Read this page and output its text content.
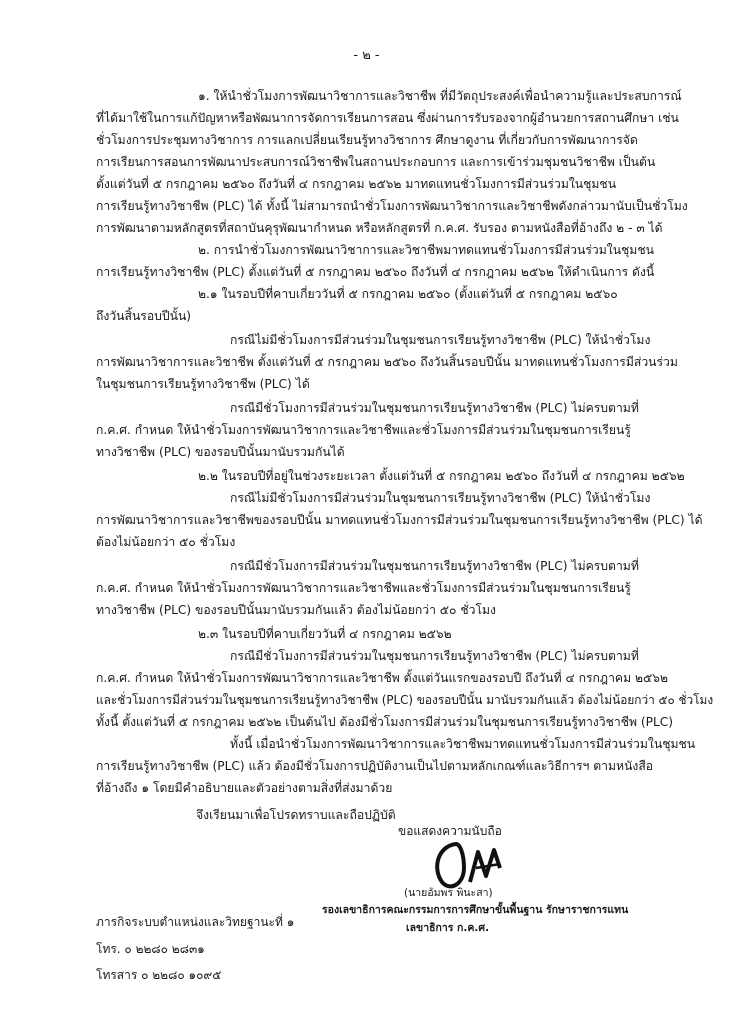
- ๒ -
๑. ให้นำชั่วโมงการพัฒนาวิชาการและวิชาชีพ ที่มีวัตถุประสงค์เพื่อนำความรู้และประสบการณ์
ที่ได้มาใช้ในการแก้ปัญหาหรือพัฒนาการจัดการเรียนการสอน ซึ่งผ่านการรับรองจากผู้อำนวยการสถานศึกษา เช่น
ชั่วโมงการประชุมทางวิชาการ การแลกเปลี่ยนเรียนรู้ทางวิชาการ ศึกษาดูงาน ที่เกี่ยวกับการพัฒนาการจัด
การเรียนการสอนการพัฒนาประสบการณ์วิชาชีพในสถานประกอบการ และการเข้าร่วมชุมชนวิชาชีพ เป็นต้น
ตั้งแต่วันที่ ๕ กรกฎาคม ๒๕๖๐ ถึงวันที่ ๔ กรกฎาคม ๒๕๖๒ มาทดแทนชั่วโมงการมีส่วนร่วมในชุมชน
การเรียนรู้ทางวิชาชีพ (PLC) ได้ ทั้งนี้ ไม่สามารถนำชั่วโมงการพัฒนาวิชาการและวิชาชีพดังกล่าวมานับเป็นชั่วโมง
การพัฒนาตามหลักสูตรที่สถาบันคุรุพัฒนากำหนด หรือหลักสูตรที่ ก.ค.ศ. รับรอง ตามหนังสือที่อ้างถึง ๒ - ๓ ได้
๒. การนำชั่วโมงการพัฒนาวิชาการและวิชาชีพมาทดแทนชั่วโมงการมีส่วนร่วมในชุมชน
การเรียนรู้ทางวิชาชีพ (PLC) ตั้งแต่วันที่ ๕ กรกฎาคม ๒๕๖๐ ถึงวันที่ ๔ กรกฎาคม ๒๕๖๒ ให้ดำเนินการ ดังนี้
๒.๑ ในรอบปีที่คาบเกี่ยววันที่ ๕ กรกฎาคม ๒๕๖๐ (ตั้งแต่วันที่ ๕ กรกฎาคม ๒๕๖๐
ถึงวันสิ้นรอบปีนั้น)
กรณีไม่มีชั่วโมงการมีส่วนร่วมในชุมชนการเรียนรู้ทางวิชาชีพ (PLC) ให้นำชั่วโมง
การพัฒนาวิชาการและวิชาชีพ ตั้งแต่วันที่ ๕ กรกฎาคม ๒๕๖๐ ถึงวันสิ้นรอบปีนั้น มาทดแทนชั่วโมงการมีส่วนร่วม
ในชุมชนการเรียนรู้ทางวิชาชีพ (PLC) ได้
กรณีมีชั่วโมงการมีส่วนร่วมในชุมชนการเรียนรู้ทางวิชาชีพ (PLC) ไม่ครบตามที่
ก.ค.ศ. กำหนด ให้นำชั่วโมงการพัฒนาวิชาการและวิชาชีพและชั่วโมงการมีส่วนร่วมในชุมชนการเรียนรู้
ทางวิชาชีพ (PLC) ของรอบปีนั้นมานับรวมกันได้
๒.๒ ในรอบปีที่อยู่ในช่วงระยะเวลา ตั้งแต่วันที่ ๕ กรกฎาคม ๒๕๖๐ ถึงวันที่ ๔ กรกฎาคม ๒๕๖๒
กรณีไม่มีชั่วโมงการมีส่วนร่วมในชุมชนการเรียนรู้ทางวิชาชีพ (PLC) ให้นำชั่วโมง
การพัฒนาวิชาการและวิชาชีพของรอบปีนั้น มาทดแทนชั่วโมงการมีส่วนร่วมในชุมชนการเรียนรู้ทางวิชาชีพ (PLC) ได้
ต้องไม่น้อยกว่า ๕๐ ชั่วโมง
กรณีมีชั่วโมงการมีส่วนร่วมในชุมชนการเรียนรู้ทางวิชาชีพ (PLC) ไม่ครบตามที่
ก.ค.ศ. กำหนด ให้นำชั่วโมงการพัฒนาวิชาการและวิชาชีพและชั่วโมงการมีส่วนร่วมในชุมชนการเรียนรู้
ทางวิชาชีพ (PLC) ของรอบปีนั้นมานับรวมกันแล้ว ต้องไม่น้อยกว่า ๕๐ ชั่วโมง
๒.๓ ในรอบปีที่คาบเกี่ยววันที่ ๔ กรกฎาคม ๒๕๖๒
กรณีมีชั่วโมงการมีส่วนร่วมในชุมชนการเรียนรู้ทางวิชาชีพ (PLC) ไม่ครบตามที่
ก.ค.ศ. กำหนด ให้นำชั่วโมงการพัฒนาวิชาการและวิชาชีพ ตั้งแต่วันแรกของรอบปี ถึงวันที่ ๔ กรกฎาคม ๒๕๖๒
และชั่วโมงการมีส่วนร่วมในชุมชนการเรียนรู้ทางวิชาชีพ (PLC) ของรอบปีนั้น มานับรวมกันแล้ว ต้องไม่น้อยกว่า ๕๐ ชั่วโมง
ทั้งนี้ ตั้งแต่วันที่ ๕ กรกฎาคม ๒๕๖๒ เป็นต้นไป ต้องมีชั่วโมงการมีส่วนร่วมในชุมชนการเรียนรู้ทางวิชาชีพ (PLC)
ทั้งนี้ เมื่อนำชั่วโมงการพัฒนาวิชาการและวิชาชีพมาทดแทนชั่วโมงการมีส่วนร่วมในชุมชน
การเรียนรู้ทางวิชาชีพ (PLC) แล้ว ต้องมีชั่วโมงการปฏิบัติงานเป็นไปตามหลักเกณฑ์และวิธีการฯ ตามหนังสือ
ที่อ้างถึง ๑ โดยมีคำอธิบายและตัวอย่างตามสิ่งที่ส่งมาด้วย
จึงเรียนมาเพื่อโปรดทราบและถือปฏิบัติ
ขอแสดงความนับถือ
(นายอัมพร พินะสา)
รองเลขาธิการคณะกรรมการการศึกษาขั้นพื้นฐาน รักษาราชการแทน
เลขาธิการ ก.ค.ศ.
ภารกิจระบบตำแหน่งและวิทยฐานะที่ ๑
โทร. ๐ ๒๒๘๐ ๒๘๓๑
โทรสาร ๐ ๒๒๘๐ ๑๐๙๕
